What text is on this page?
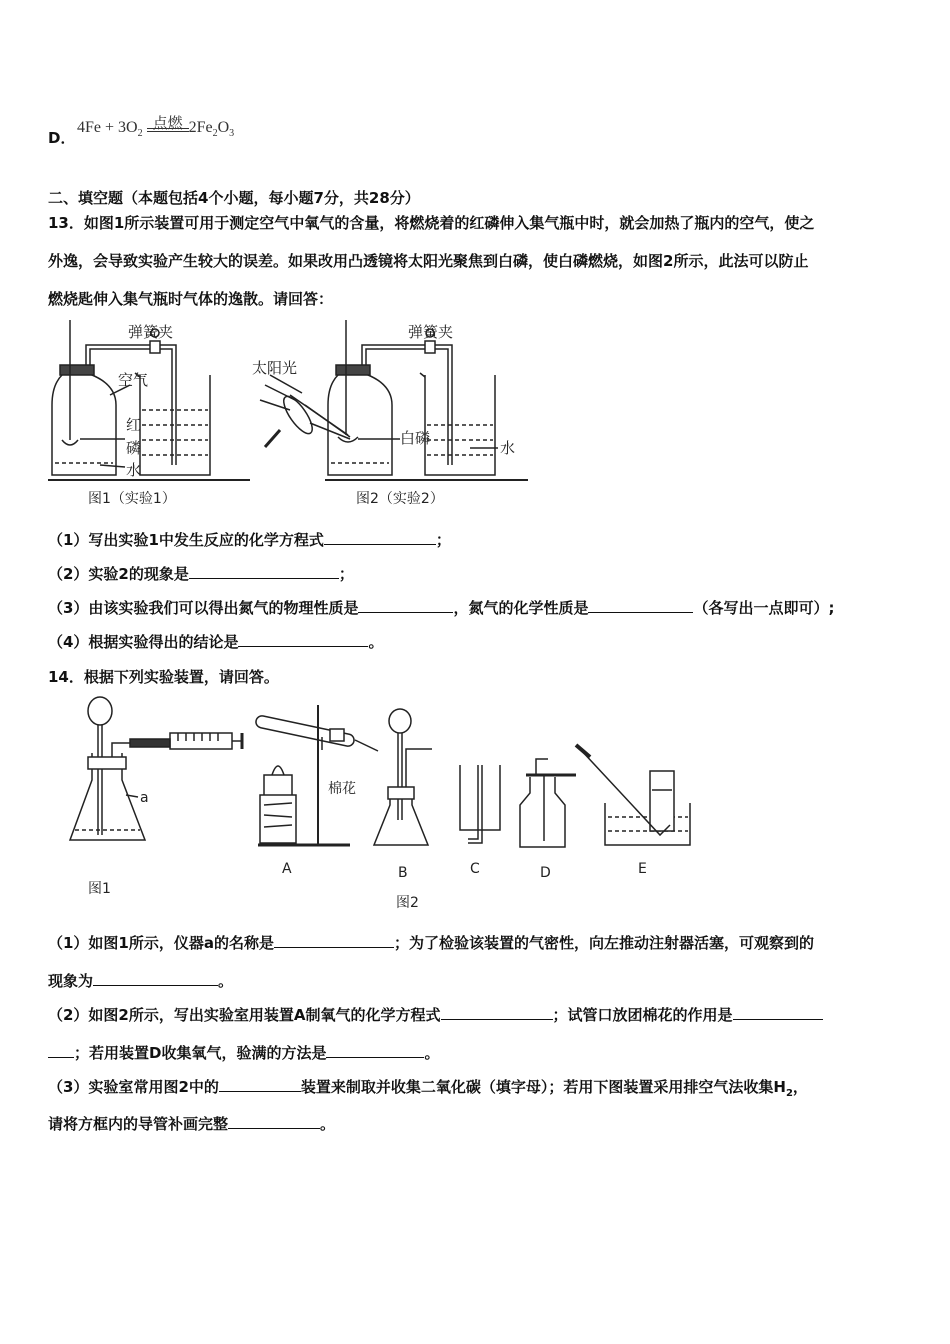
D．
$4Fe + 3O_2$
点燃 $2Fe_2O_3$
二、填空题（本题包括4个小题，每小题7分，共28分）
13．如图1所示装置可用于测定空气中氧气的含量，将燃烧着的红磷伸入集气瓶中时，就会加热了瓶内的空气，使之
外逸，会导致实验产生较大的误差。如果改用凸透镜将太阳光聚焦到白磷，使白磷燃烧，如图2所示，此法可以防止
燃烧匙伸入集气瓶时气体的逸散。请回答：
弹簧夹
空气
红
磷
水
图1（实验1）
太阳光
弹簧夹
白磷
水
图2（实验2）
（1）写出实验1中发生反应的化学方程式	；
（2）实验2的现象是	；
（3）由该实验我们可以得出氮气的物理性质是	，氮气的化学性质是	（各写出一点即可）;
（4）根据实验得出的结论是	。
14．根据下列实验装置，请回答。
a
图1
棉花
A	B
图2
C	D	E
（1）如图1所示，仪器a的名称是	；为了检验该装置的气密性，向左推动注射器活塞，可观察到的
现象为	。
（2）如图2所示，写出实验室用装置A制氧气的化学方程式	；试管口放团棉花的作用是
；若用装置D收集氧气，验满的方法是	。
（3）实验室常用图2中的	装置来制取并收集二氧化碳（填字母）；若用下图装置采用排空气法收集$H_2$，
请将方框内的导管补画完整	。
